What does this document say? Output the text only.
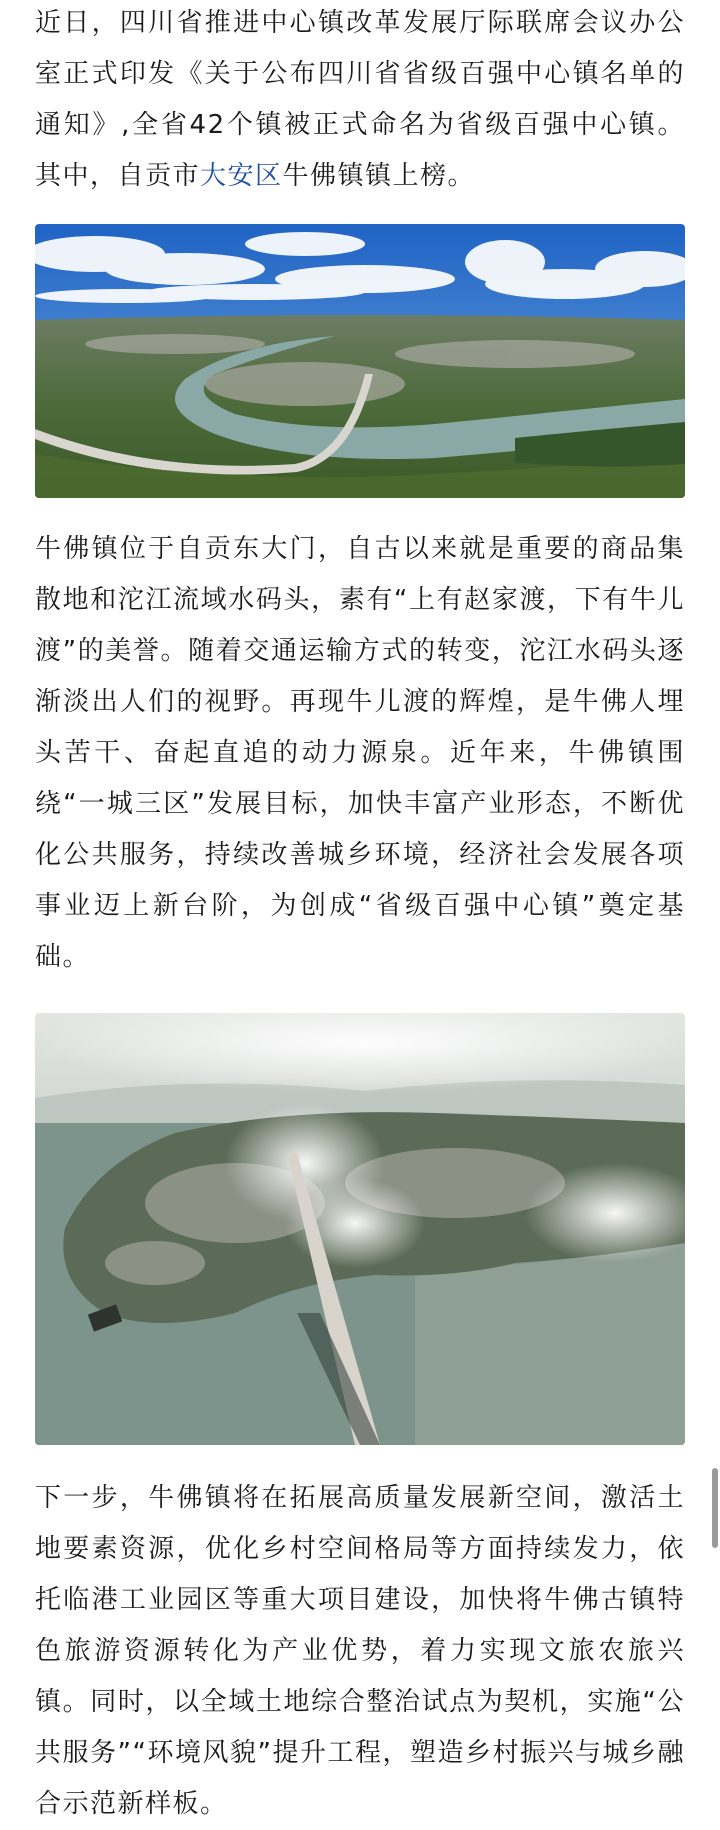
近日，四川省推进中心镇改革发展厅际联席会议办公室正式印发《关于公布四川省省级百强中心镇名单的通知》,全省42个镇被正式命名为省级百强中心镇。其中，自贡市大安区牛佛镇镇上榜。

牛佛镇位于自贡东大门，自古以来就是重要的商品集散地和沱江流域水码头，素有“上有赵家渡，下有牛儿渡”的美誉。随着交通运输方式的转变，沱江水码头逐渐淡出人们的视野。再现牛儿渡的辉煌，是牛佛人埋头苦干、奋起直追的动力源泉。近年来，牛佛镇围绕“一城三区”发展目标，加快丰富产业形态，不断优化公共服务，持续改善城乡环境，经济社会发展各项事业迈上新台阶，为创成“省级百强中心镇”奠定基础。

下一步，牛佛镇将在拓展高质量发展新空间，激活土地要素资源，优化乡村空间格局等方面持续发力，依托临港工业园区等重大项目建设，加快将牛佛古镇特色旅游资源转化为产业优势，着力实现文旅农旅兴镇。同时，以全域土地综合整治试点为契机，实施“公共服务”“环境风貌”提升工程，塑造乡村振兴与城乡融合示范新样板。
